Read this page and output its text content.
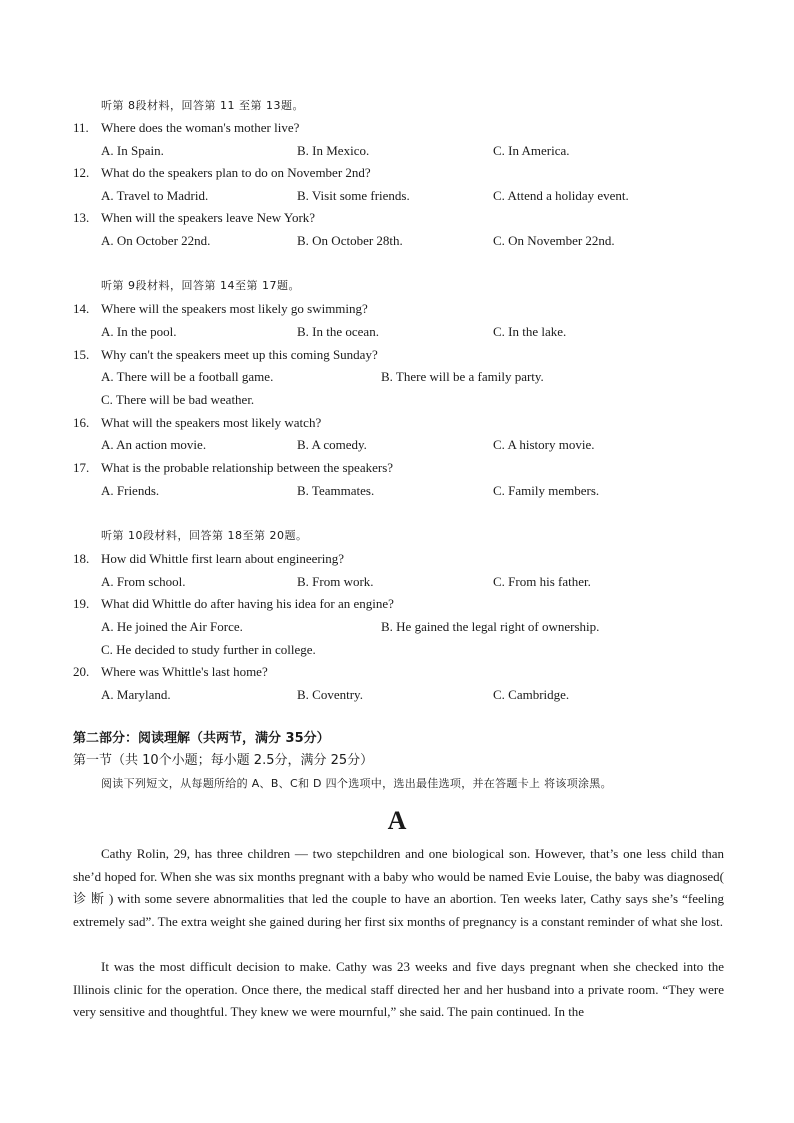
听第 8段材料，回答第 11 至第 13题。
11. Where does the woman's mother live?
A. In Spain.	B. In Mexico.	C. In America.
12. What do the speakers plan to do on November 2nd?
A. Travel to Madrid.	B. Visit some friends.	C. Attend a holiday event.
13. When will the speakers leave New York?
A. On October 22nd.	B. On October 28th.	C. On November 22nd.
听第 9段材料，回答第 14至第 17题。
14. Where will the speakers most likely go swimming?
A. In the pool.	B. In the ocean.	C. In the lake.
15. Why can't the speakers meet up this coming Sunday?
A. There will be a football game.	B. There will be a family party.
C. There will be bad weather.
16. What will the speakers most likely watch?
A. An action movie.	B. A comedy.	C. A history movie.
17. What is the probable relationship between the speakers?
A. Friends.	B. Teammates.	C. Family members.
听第 10段材料，回答第 18至第 20题。
18. How did Whittle first learn about engineering?
A. From school.	B. From work.	C. From his father.
19. What did Whittle do after having his idea for an engine?
A. He joined the Air Force.	B. He gained the legal right of ownership.
C. He decided to study further in college.
20. Where was Whittle's last home?
A. Maryland.	B. Coventry.	C. Cambridge.
第二部分：阅读理解（共两节，满分 35分）
第一节（共 10个小题；每小题 2.5分，满分 25分）
阅读下列短文，从每题所给的 A、B、C和 D 四个选项中，选出最佳选项，并在答题卡上 将该项涂黑。
A

Cathy Rolin, 29, has three children — two stepchildren and one biological son. However, that’s one less child than she’d hoped for. When she was six months pregnant with a baby who would be named Evie Louise, the baby was diagnosed( 诊 断 ) with some severe abnormalities that led the couple to have an abortion. Ten weeks later, Cathy says she’s “feeling extremely sad”. The extra weight she gained during her first six months of pregnancy is a constant reminder of what she lost.

It was the most difficult decision to make. Cathy was 23 weeks and five days pregnant when she checked into the Illinois clinic for the operation. Once there, the medical staff directed her and her husband into a private room. “They were very sensitive and thoughtful. They knew we were mournful,” she said. The pain continued. In the
